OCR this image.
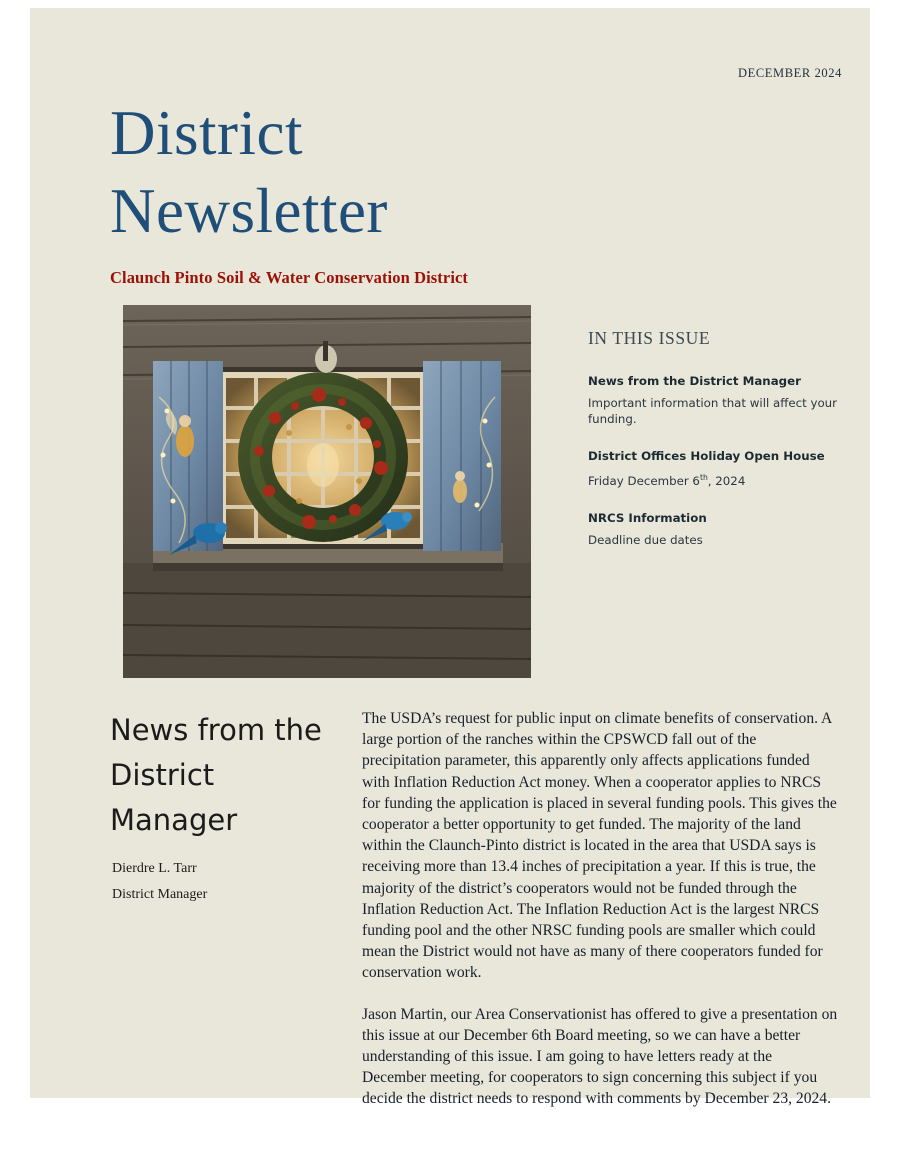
DECEMBER 2024
District
Newsletter
Claunch Pinto Soil & Water Conservation District
IN THIS ISSUE
News from the District Manager
Important information that will affect your funding.
District Offices Holiday Open House
Friday December 6th, 2024
NRCS Information
Deadline due dates
News from the District Manager
Dierdre L. Tarr
District Manager

The USDA’s request for public input on climate benefits of conservation. A large portion of the ranches within the CPSWCD fall out of the precipitation parameter, this apparently only affects applications funded with Inflation Reduction Act money. When a cooperator applies to NRCS for funding the application is placed in several funding pools. This gives the cooperator a better opportunity to get funded. The majority of the land within the Claunch-Pinto district is located in the area that USDA says is receiving more than 13.4 inches of precipitation a year. If this is true, the majority of the district’s cooperators would not be funded through the Inflation Reduction Act. The Inflation Reduction Act is the largest NRCS funding pool and the other NRSC funding pools are smaller which could mean the District would not have as many of there cooperators funded for conservation work.

Jason Martin, our Area Conservationist has offered to give a presentation on this issue at our December 6th Board meeting, so we can have a better understanding of this issue. I am going to have letters ready at the December meeting, for cooperators to sign concerning this subject if you decide the district needs to respond with comments by December 23, 2024.
